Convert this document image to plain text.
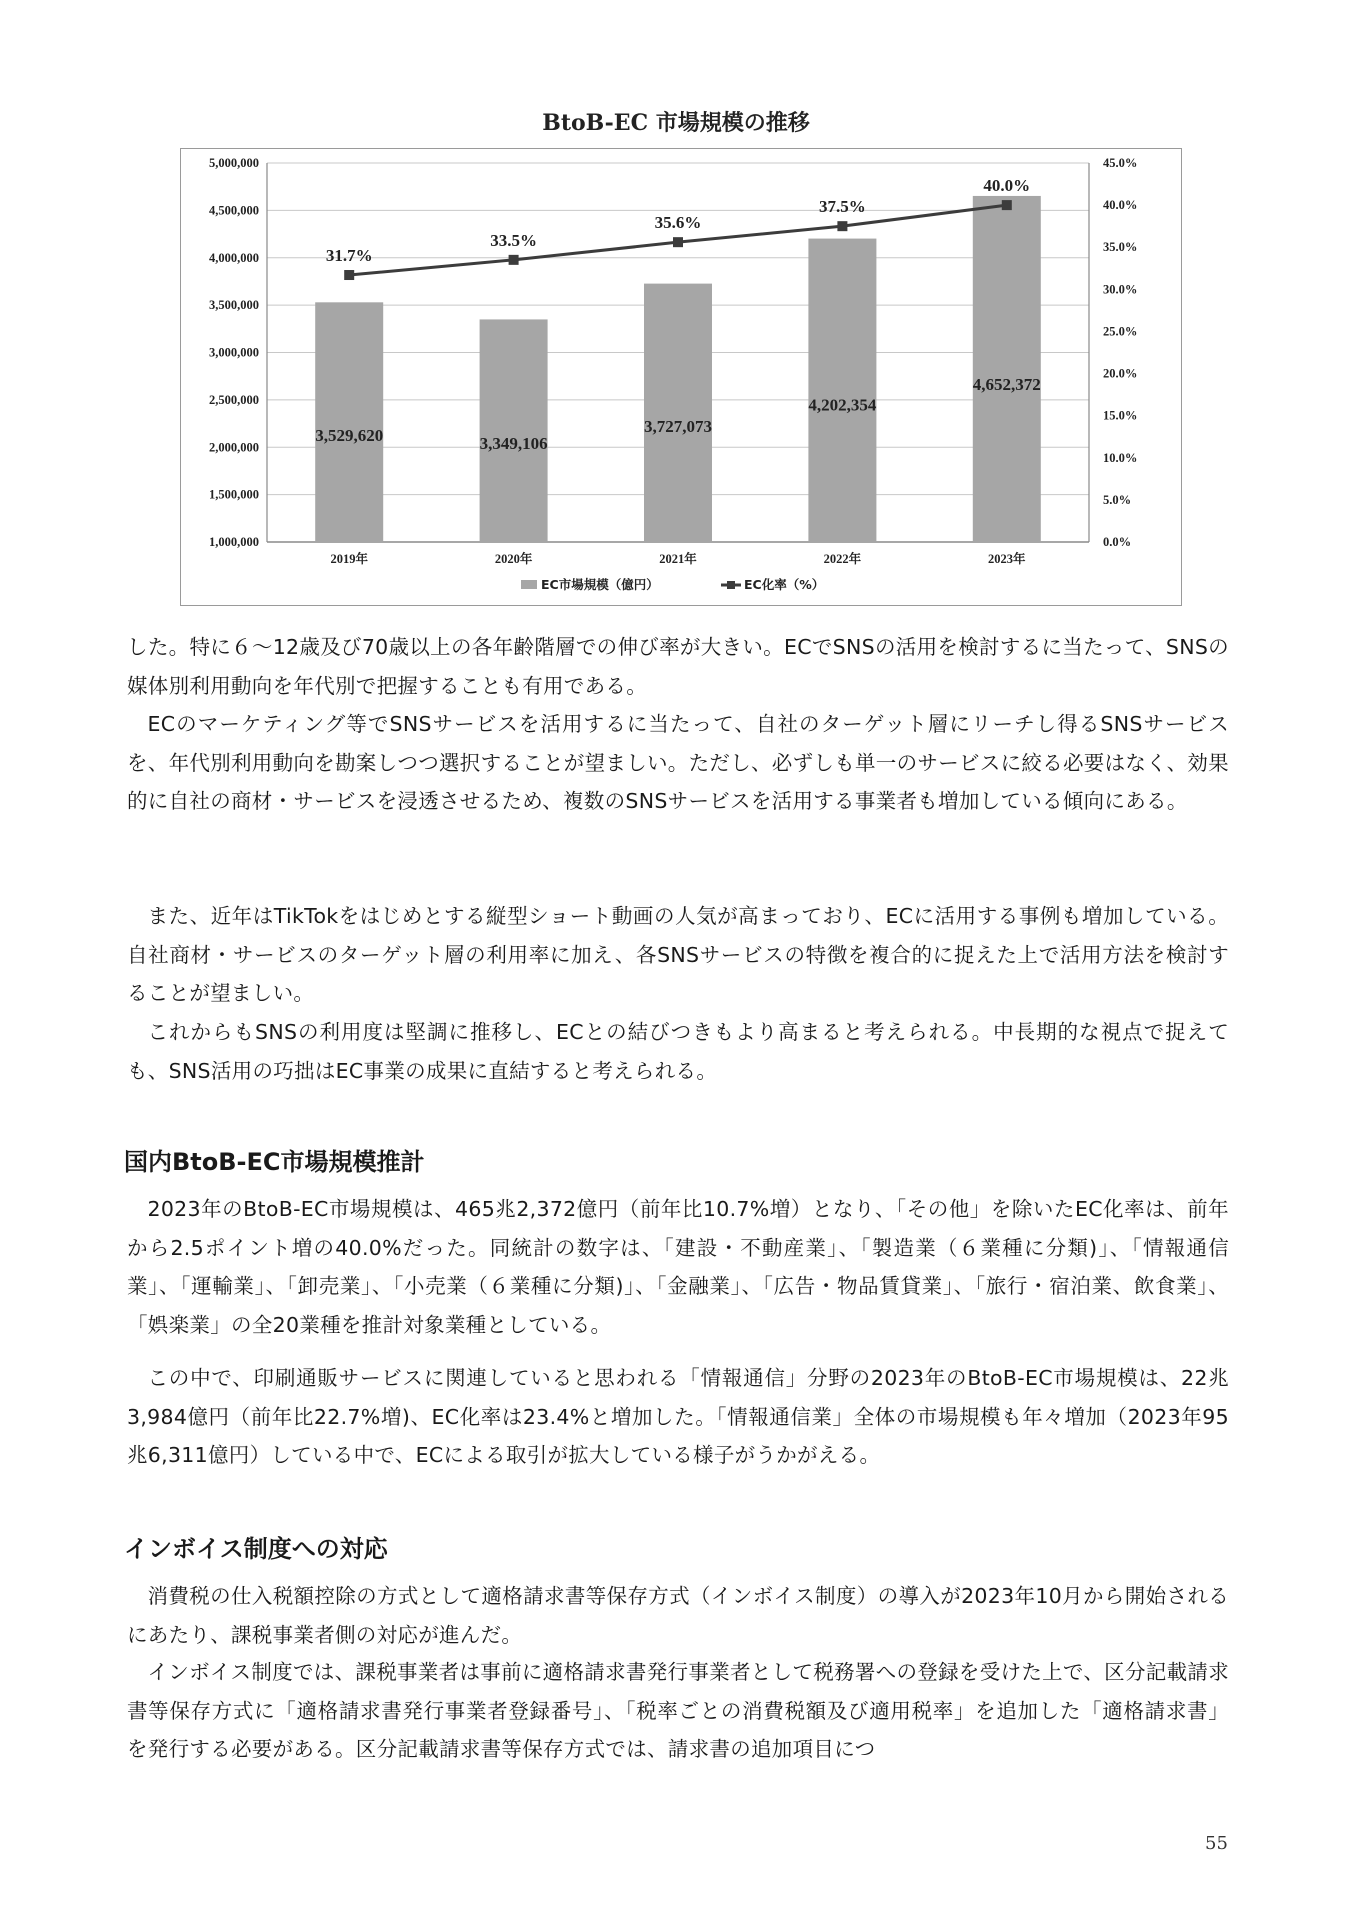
BtoB-EC 市場規模の推移
1,000,000
1,500,000
2,000,000
2,500,000
3,000,000
3,500,000
4,000,000
4,500,000
5,000,000
0.0%
5.0%
10.0%
15.0%
20.0%
25.0%
30.0%
35.0%
40.0%
45.0%
3,529,620	3,349,106
3,727,073
4,202,354
4,652,372
2019年	2020年	2021年	2022年	2023年
31.7%
33.5%
35.6%
37.5%
40.0%
EC市場規模（億円）	EC化率（%）

した。特に６～12歳及び70歳以上の各年齢階層での伸び率が大きい。ECでSNSの活用を検討するに当たって、SNSの媒体別利用動向を年代別で把握することも有用である。

ECのマーケティング等でSNSサービスを活用するに当たって、自社のターゲット層にリーチし得るSNSサービスを、年代別利用動向を勘案しつつ選択することが望ましい。ただし、必ずしも単一のサービスに絞る必要はなく、効果的に自社の商材・サービスを浸透させるため、複数のSNSサービスを活用する事業者も増加している傾向にある。

また、近年はTikTokをはじめとする縦型ショート動画の人気が高まっており、ECに活用する事例も増加している。自社商材・サービスのターゲット層の利用率に加え、各SNSサービスの特徴を複合的に捉えた上で活用方法を検討することが望ましい。

これからもSNSの利用度は堅調に推移し、ECとの結びつきもより高まると考えられる。中長期的な視点で捉えても、SNS活用の巧拙はEC事業の成果に直結すると考えられる。

国内BtoB-EC市場規模推計

2023年のBtoB-EC市場規模は、465兆2,372億円（前年比10.7%増）となり、「その他」を除いたEC化率は、前年から2.5ポイント増の40.0%だった。同統計の数字は、「建設・不動産業」、「製造業（６業種に分類)」、「情報通信業」、「運輸業」、「卸売業」、「小売業（６業種に分類)」、「金融業」、「広告・物品賃貸業」、「旅行・宿泊業、飲食業」、「娯楽業」の全20業種を推計対象業種としている。

この中で、印刷通販サービスに関連していると思われる「情報通信」分野の2023年のBtoB-EC市場規模は、22兆3,984億円（前年比22.7%増)、EC化率は23.4%と増加した。「情報通信業」全体の市場規模も年々増加（2023年95兆6,311億円）している中で、ECによる取引が拡大している様子がうかがえる。

インボイス制度への対応

消費税の仕入税額控除の方式として適格請求書等保存方式（インボイス制度）の導入が2023年10月から開始されるにあたり、課税事業者側の対応が進んだ。

インボイス制度では、課税事業者は事前に適格請求書発行事業者として税務署への登録を受けた上で、区分記載請求書等保存方式に「適格請求書発行事業者登録番号」、「税率ごとの消費税額及び適用税率」を追加した「適格請求書」を発行する必要がある。区分記載請求書等保存方式では、請求書の追加項目につ

55
